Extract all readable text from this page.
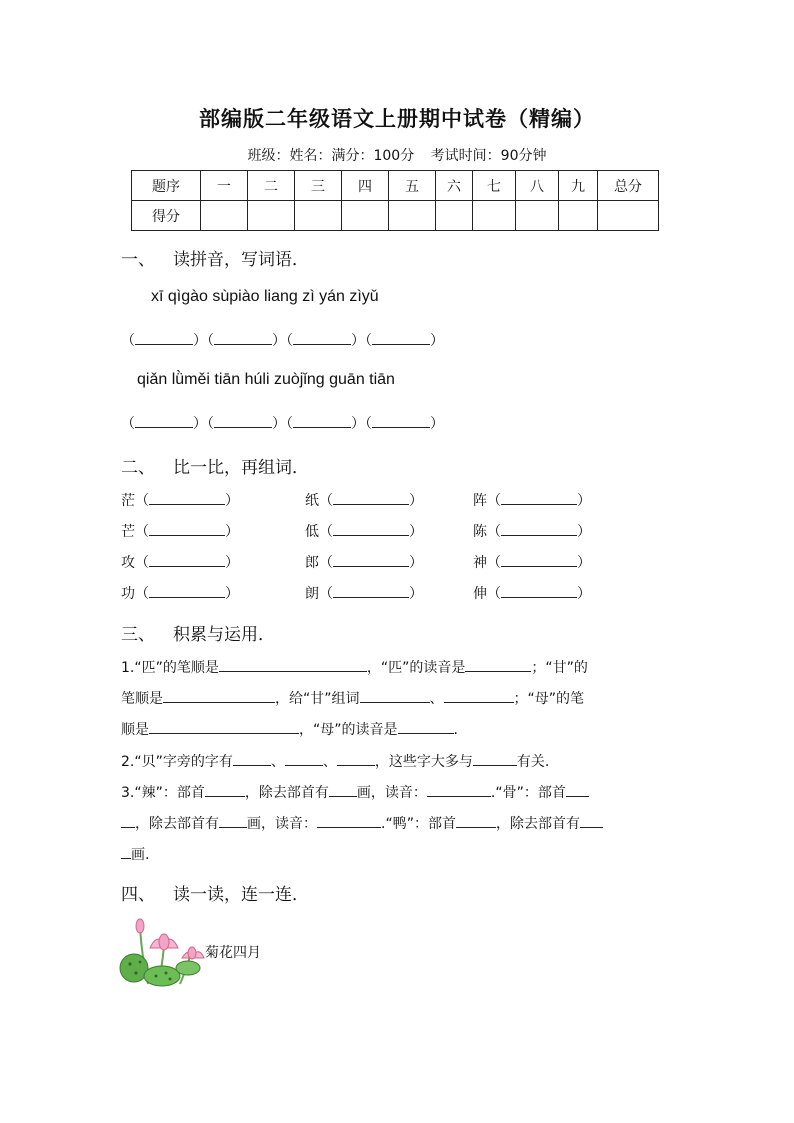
部编版二年级语文上册期中试卷（精编）
班级：姓名：满分：100分 考试时间：90分钟
题序	一	二	三	四	五	六	七	八	九	总分
得分										
一、 读拼音，写词语．
xī qìgào sùpiào liang zì yán zìyǔ
（	）（	）（	）（	）
qiǎn lǜměi tiān húli zuòjǐng guān tiān
（	）（	）（	）（	）
二、 比一比，再组词．
茫（	）	纸（	）	阵（	）
芒（	）	低（	）	陈（	）
攻（	）	郎（	）	神（	）
功（	）	朗（	）	伸（	）
三、 积累与运用．
1.“匹”的笔顺是	，“匹”的读音是	；“甘”的
笔顺是	，给“甘”组词	、	；“母”的笔
顺是	，“母”的读音是	.
2.“贝”字旁的字有	、	、	，这些字大多与	有关.
3.“辣”：部首	，除去部首有 画，读音：	.“骨”：部首
，除去部首有 画，读音：	.“鸭”：部首	，除去部首有
画.
四、 读一读，连一连．
菊花四月
